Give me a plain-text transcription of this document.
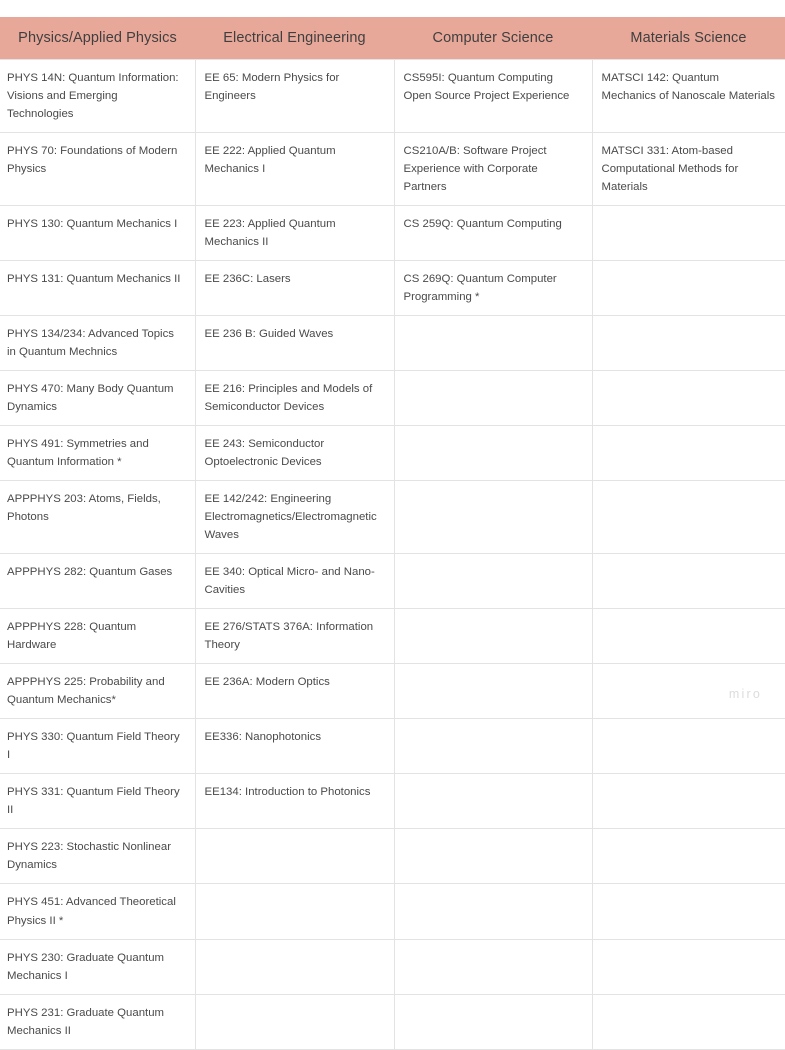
Physics/Applied Physics	Electrical Engineering	Computer Science	Materials Science
PHYS 14N: Quantum Information: Visions and Emerging Technologies	EE 65: Modern Physics for Engineers	CS595I: Quantum Computing Open Source Project Experience	MATSCI 142: Quantum Mechanics of Nanoscale Materials
PHYS 70: Foundations of Modern Physics	EE 222: Applied Quantum Mechanics I	CS210A/B: Software Project Experience with Corporate Partners	MATSCI 331: Atom-based Computational Methods for Materials
PHYS 130: Quantum Mechanics I	EE 223: Applied Quantum Mechanics II	CS 259Q: Quantum Computing	
PHYS 131: Quantum Mechanics II	EE 236C: Lasers	CS 269Q: Quantum Computer Programming *	
PHYS 134/234: Advanced Topics in Quantum Mechnics	EE 236 B: Guided Waves		
PHYS 470: Many Body Quantum Dynamics	EE 216: Principles and Models of Semiconductor Devices		
PHYS 491: Symmetries and Quantum Information *	EE 243: Semiconductor Optoelectronic Devices		
APPPHYS 203: Atoms, Fields, Photons	EE 142/242: Engineering Electromagnetics/Electromagnetic Waves		
APPPHYS 282: Quantum Gases	EE 340: Optical Micro- and Nano-Cavities		
APPPHYS 228: Quantum Hardware	EE 276/STATS 376A: Information Theory		
APPPHYS 225: Probability and Quantum Mechanics*	EE 236A: Modern Optics		
PHYS 330: Quantum Field Theory I	EE336: Nanophotonics		
PHYS 331: Quantum Field Theory II	EE134: Introduction to Photonics		
PHYS 223: Stochastic Nonlinear Dynamics			
PHYS 451: Advanced Theoretical Physics II *			
PHYS 230: Graduate Quantum Mechanics I			
PHYS 231: Graduate Quantum Mechanics II			
miro
